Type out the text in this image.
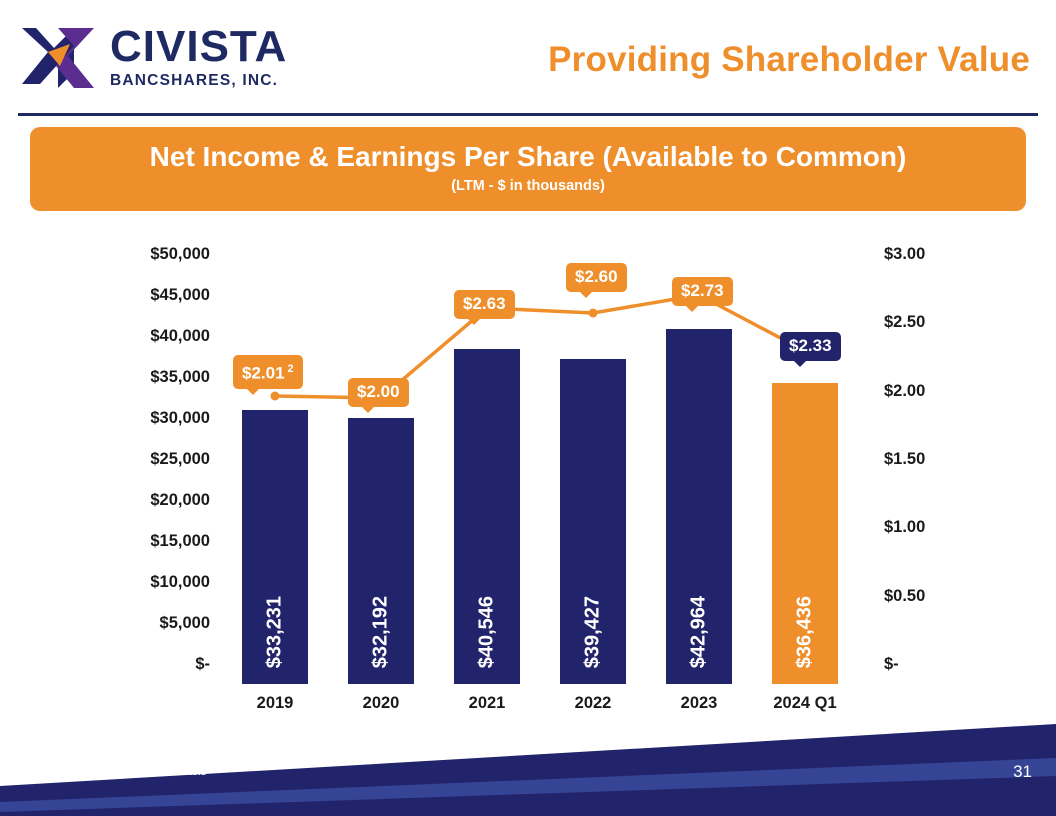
CIVISTA
BANCSHARES, INC.
Providing Shareholder Value
Net Income & Earnings Per Share (Available to Common)
(LTM - $ in thousands)
$50,000
$45,000
$40,000
$35,000
$30,000
$25,000
$20,000
$15,000
$10,000
$5,000
$-
$3.00
$2.50
$2.00
$1.50
$1.00
$0.50
$-
$33,231	$32,192	$40,546	$39,427	$42,964	$36,436
$2.01 $^2$
$2.00
$2.63
$2.60
$2.73
$2.33
2019	2020	2021	2022	2023	2024 Q1
1. Q1 2024 presented on LTM basis	31
